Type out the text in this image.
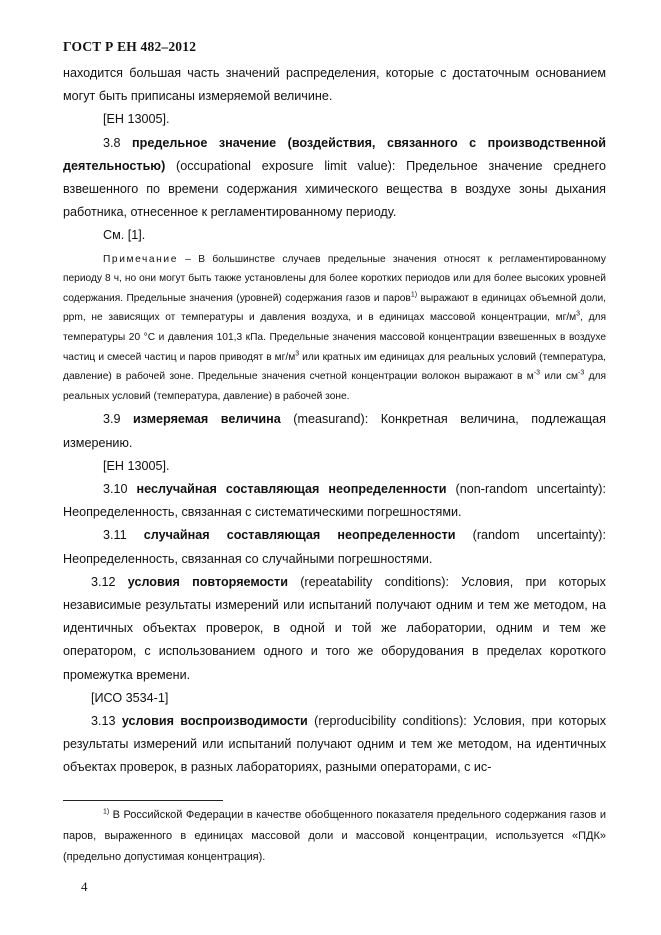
ГОСТ Р ЕН 482–2012

находится большая часть значений распределения, которые с достаточным основанием могут быть приписаны измеряемой величине.

[ЕН 13005].

3.8 предельное значение (воздействия, связанного с производственной деятельностью) (occupational exposure limit value): Предельное значение среднего взвешенного по времени содержания химического вещества в воздухе зоны дыхания работника, отнесенное к регламентированному периоду.

См. [1].

Примечание – В большинстве случаев предельные значения относят к регламентированному периоду 8 ч, но они могут быть также установлены для более коротких периодов или для более высоких уровней содержания. Предельные значения (уровней) содержания газов и паров$^{1)}$ выражают в единицах объемной доли, ppm, не зависящих от температуры и давления воздуха, и в единицах массовой концентрации, $мг/м^3$, для температуры 20 °С и давления 101,3 кПа. Предельные значения массовой концентрации взвешенных в воздухе частиц и смесей частиц и паров приводят в $мг/м^3$ или кратных им единицах для реальных условий (температура, давление) в рабочей зоне. Предельные значения счетной концентрации волокон выражают в $м^{-3}$ или $см^{-3}$ для реальных условий (температура, давление) в рабочей зоне.

3.9 измеряемая величина (measurand): Конкретная величина, подлежащая измерению.

[ЕН 13005].

3.10 неслучайная составляющая неопределенности (non-random uncertainty): Неопределенность, связанная с систематическими погрешностями.

3.11 случайная составляющая неопределенности (random uncertainty): Неопределенность, связанная со случайными погрешностями.

3.12 условия повторяемости (repeatability conditions): Условия, при которых независимые результаты измерений или испытаний получают одним и тем же методом, на идентичных объектах проверок, в одной и той же лаборатории, одним и тем же оператором, с использованием одного и того же оборудования в пределах короткого промежутка времени.

[ИСО 3534-1]

3.13 условия воспроизводимости (reproducibility conditions): Условия, при которых результаты измерений или испытаний получают одним и тем же методом, на идентичных объектах проверок, в разных лабораториях, разными операторами, с ис-

$^{1)}$ В Российской Федерации в качестве обобщенного показателя предельного содержания газов и паров, выраженного в единицах массовой доли и массовой концентрации, используется «ПДК» (предельно допустимая концентрация).

4
